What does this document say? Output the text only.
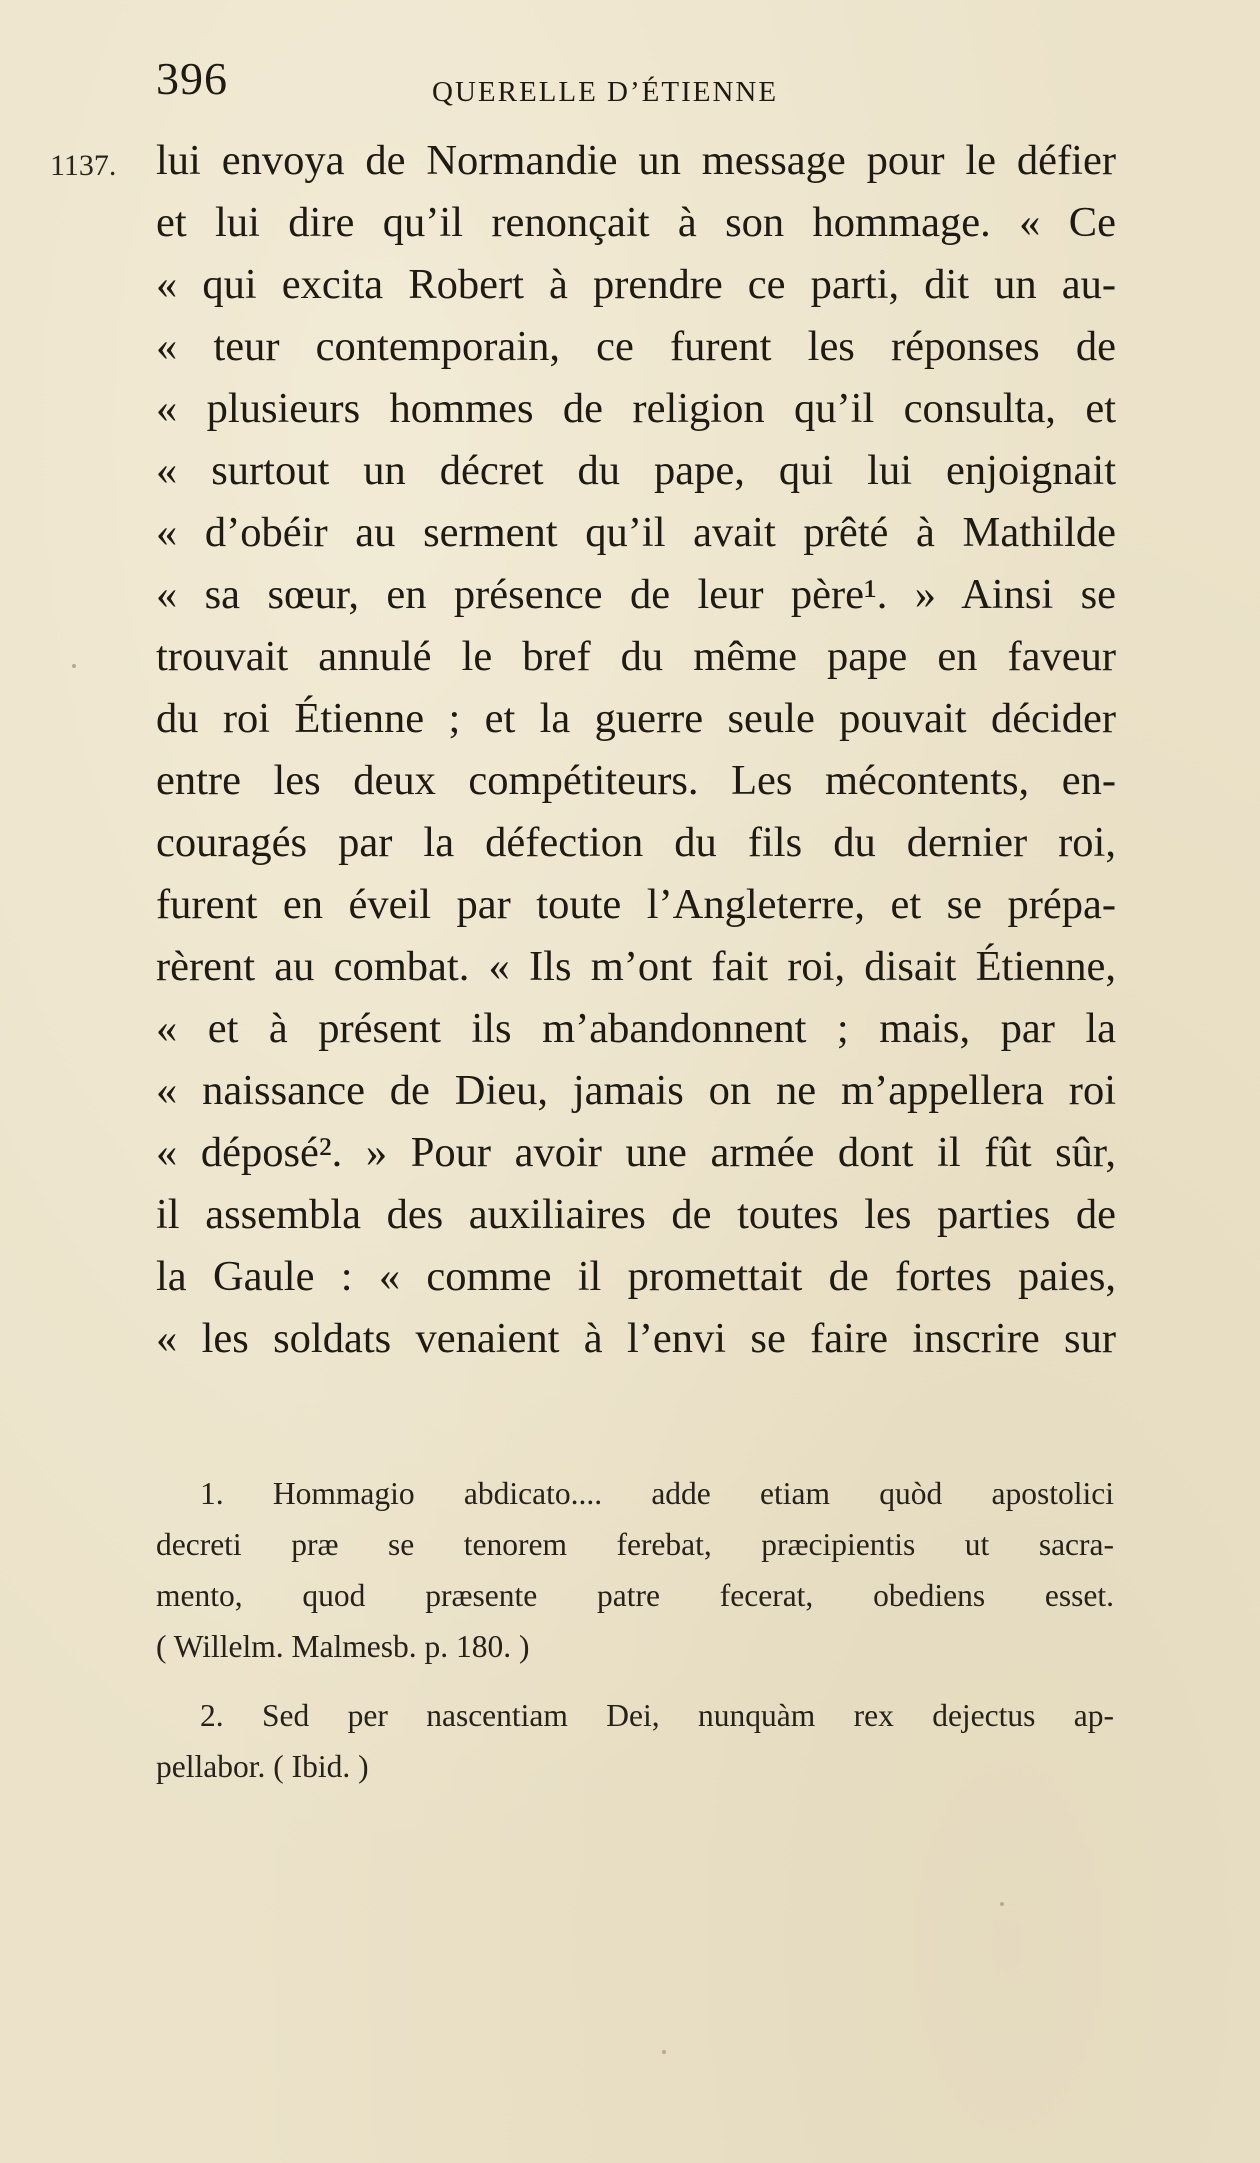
396	QUERELLE D’ÉTIENNE
1137. lui envoya de Normandie un message pour le défier
et lui dire qu’il renonçait à son hommage. « Ce
« qui excita Robert à prendre ce parti, dit un au-
« teur contemporain, ce furent les réponses de
« plusieurs hommes de religion qu’il consulta, et
« surtout un décret du pape, qui lui enjoignait
« d’obéir au serment qu’il avait prêté à Mathilde
« sa sœur, en présence de leur père¹. » Ainsi se
trouvait annulé le bref du même pape en faveur
du roi Étienne ; et la guerre seule pouvait décider
entre les deux compétiteurs. Les mécontents, en-
couragés par la défection du fils du dernier roi,
furent en éveil par toute l’Angleterre, et se prépa-
rèrent au combat. « Ils m’ont fait roi, disait Étienne,
« et à présent ils m’abandonnent ; mais, par la
« naissance de Dieu, jamais on ne m’appellera roi
« déposé². » Pour avoir une armée dont il fût sûr,
il assembla des auxiliaires de toutes les parties de
la Gaule : « comme il promettait de fortes paies,
« les soldats venaient à l’envi se faire inscrire sur
1. Hommagio abdicato.... adde etiam quòd apostolici
decreti præ se tenorem ferebat, præcipientis ut sacra-
mento, quod præsente patre fecerat, obediens esset.
( Willelm. Malmesb. p. 180. )
2. Sed per nascentiam Dei, nunquàm rex dejectus ap-
pellabor. ( Ibid. )
